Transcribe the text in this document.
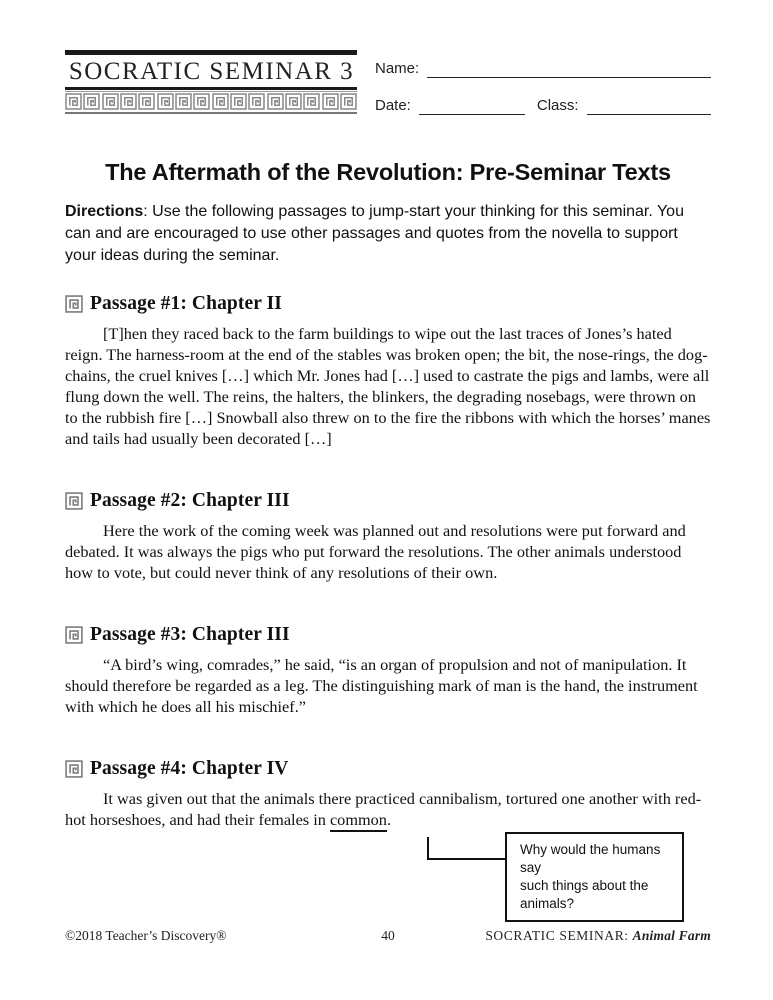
SOCRATIC SEMINAR 3 Name:
Date:	Class:
The Aftermath of the Revolution: Pre-Seminar Texts
Directions: Use the following passages to jump-start your thinking for this seminar. You can and are encouraged to use other passages and quotes from the novella to support your ideas during the seminar.
Passage #1: Chapter II
[T]hen they raced back to the farm buildings to wipe out the last traces of Jones’s hated reign. The harness-room at the end of the stables was broken open; the bit, the nose-rings, the dog-chains, the cruel knives […] which Mr. Jones had […] used to castrate the pigs and lambs, were all flung down the well. The reins, the halters, the blinkers, the degrading nosebags, were thrown on to the rubbish fire […] Snowball also threw on to the fire the ribbons with which the horses’ manes and tails had usually been decorated […]
Passage #2: Chapter III
Here the work of the coming week was planned out and resolutions were put forward and debated. It was always the pigs who put forward the resolutions. The other animals understood how to vote, but could never think of any resolutions of their own.
Passage #3: Chapter III
“A bird’s wing, comrades,” he said, “is an organ of propulsion and not of manipulation. It should therefore be regarded as a leg. The distinguishing mark of man is the hand, the instrument with which he does all his mischief.”
Passage #4: Chapter IV
It was given out that the animals there practiced cannibalism, tortured one another with red-hot horseshoes, and had their females in common.
Why would the humans say
such things about the animals?
©2018 Teacher’s Discovery®	40	SOCRATIC SEMINAR: Animal Farm
